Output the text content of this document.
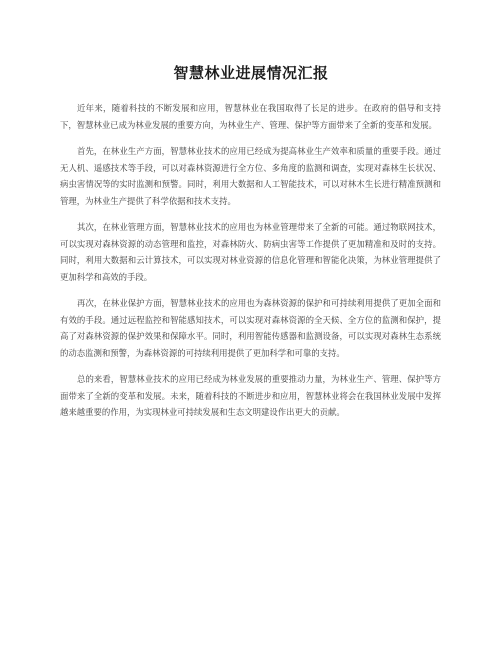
智慧林业进展情况汇报

近年来，随着科技的不断发展和应用，智慧林业在我国取得了长足的进步。在政府的倡导和支持下，智慧林业已成为林业发展的重要方向，为林业生产、管理、保护等方面带来了全新的变革和发展。

首先，在林业生产方面，智慧林业技术的应用已经成为提高林业生产效率和质量的重要手段。通过无人机、遥感技术等手段，可以对森林资源进行全方位、多角度的监测和调查，实现对森林生长状况、病虫害情况等的实时监测和预警。同时，利用大数据和人工智能技术，可以对林木生长进行精准预测和管理，为林业生产提供了科学依据和技术支持。

其次，在林业管理方面，智慧林业技术的应用也为林业管理带来了全新的可能。通过物联网技术，可以实现对森林资源的动态管理和监控，对森林防火、防病虫害等工作提供了更加精准和及时的支持。同时，利用大数据和云计算技术，可以实现对林业资源的信息化管理和智能化决策，为林业管理提供了更加科学和高效的手段。

再次，在林业保护方面，智慧林业技术的应用也为森林资源的保护和可持续利用提供了更加全面和有效的手段。通过远程监控和智能感知技术，可以实现对森林资源的全天候、全方位的监测和保护，提高了对森林资源的保护效果和保障水平。同时，利用智能传感器和监测设备，可以实现对森林生态系统的动态监测和预警，为森林资源的可持续利用提供了更加科学和可靠的支持。

总的来看，智慧林业技术的应用已经成为林业发展的重要推动力量，为林业生产、管理、保护等方面带来了全新的变革和发展。未来，随着科技的不断进步和应用，智慧林业将会在我国林业发展中发挥越来越重要的作用，为实现林业可持续发展和生态文明建设作出更大的贡献。
